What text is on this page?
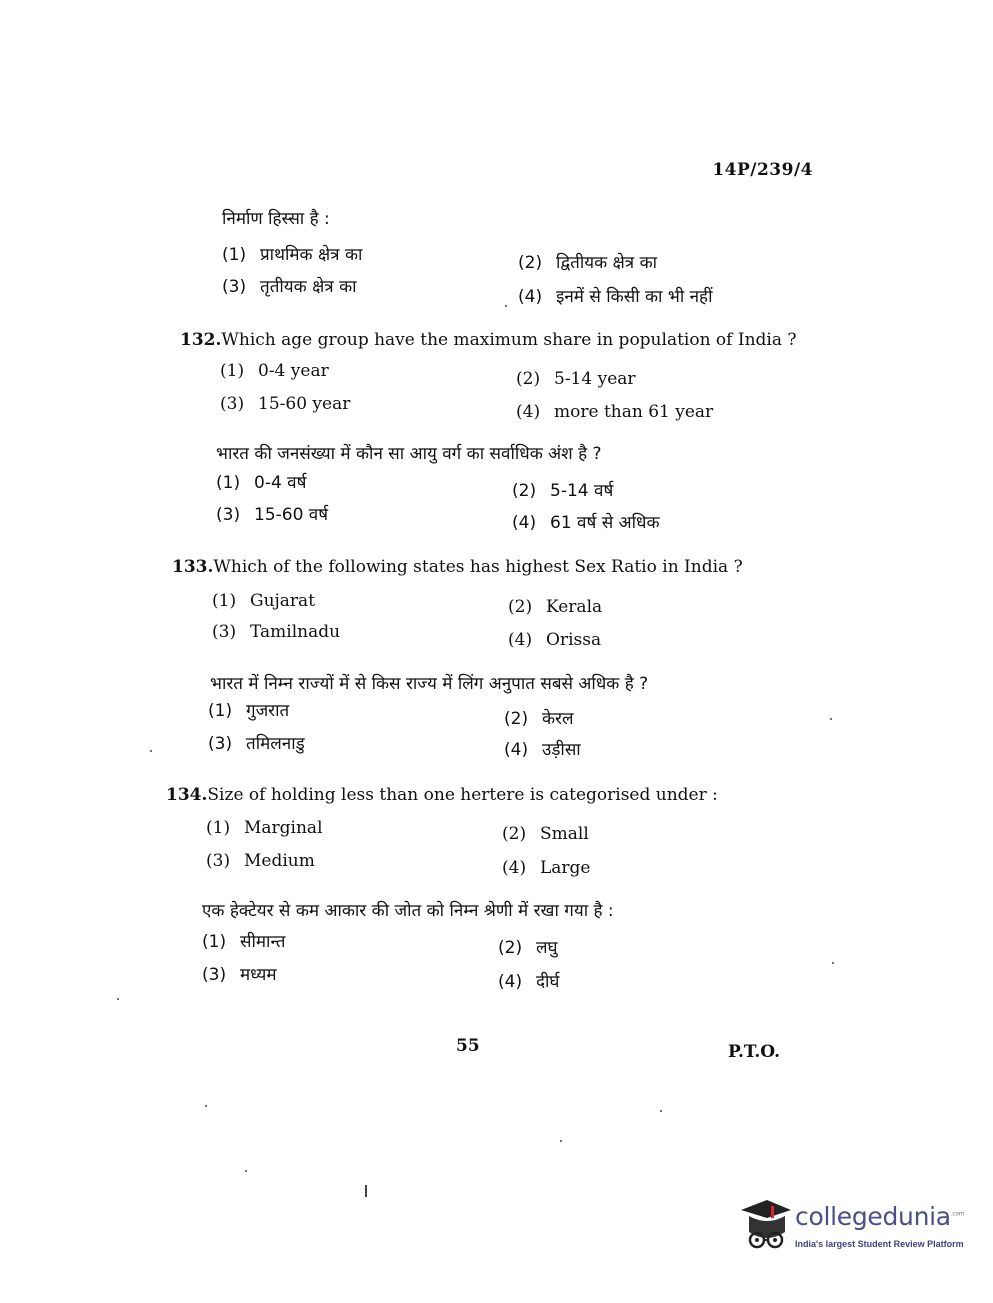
14P/239/4
निर्माण हिस्सा है :
(1) प्राथमिक क्षेत्र का	(2) द्वितीयक क्षेत्र का
(3) तृतीयक क्षेत्र का	(4) इनमें से किसी का भी नहीं
132.Which age group have the maximum share in population of India ?
(1) 0-4 year	(2) 5-14 year
(3) 15-60 year	(4) more than 61 year
भारत की जनसंख्या में कौन सा आयु वर्ग का सर्वाधिक अंश है ?
(1) 0-4 वर्ष	(2) 5-14 वर्ष
(3) 15-60 वर्ष	(4) 61 वर्ष से अधिक
133.Which of the following states has highest Sex Ratio in India ?
(1) Gujarat	(2) Kerala
(3) Tamilnadu	(4) Orissa
भारत में निम्न राज्यों में से किस राज्य में लिंग अनुपात सबसे अधिक है ?
(1) गुजरात	(2) केरल
(3) तमिलनाडु	(4) उड़ीसा
134.Size of holding less than one hertere is categorised under :
(1) Marginal	(2) Small
(3) Medium	(4) Large
एक हेक्टेयर से कम आकार की जोत को निम्न श्रेणी में रखा गया है :
(1) सीमान्त	(2) लघु
(3) मध्यम	(4) दीर्घ
55	P.T.O.
collegedunia$^{.com}$
India's largest Student Review Platform
